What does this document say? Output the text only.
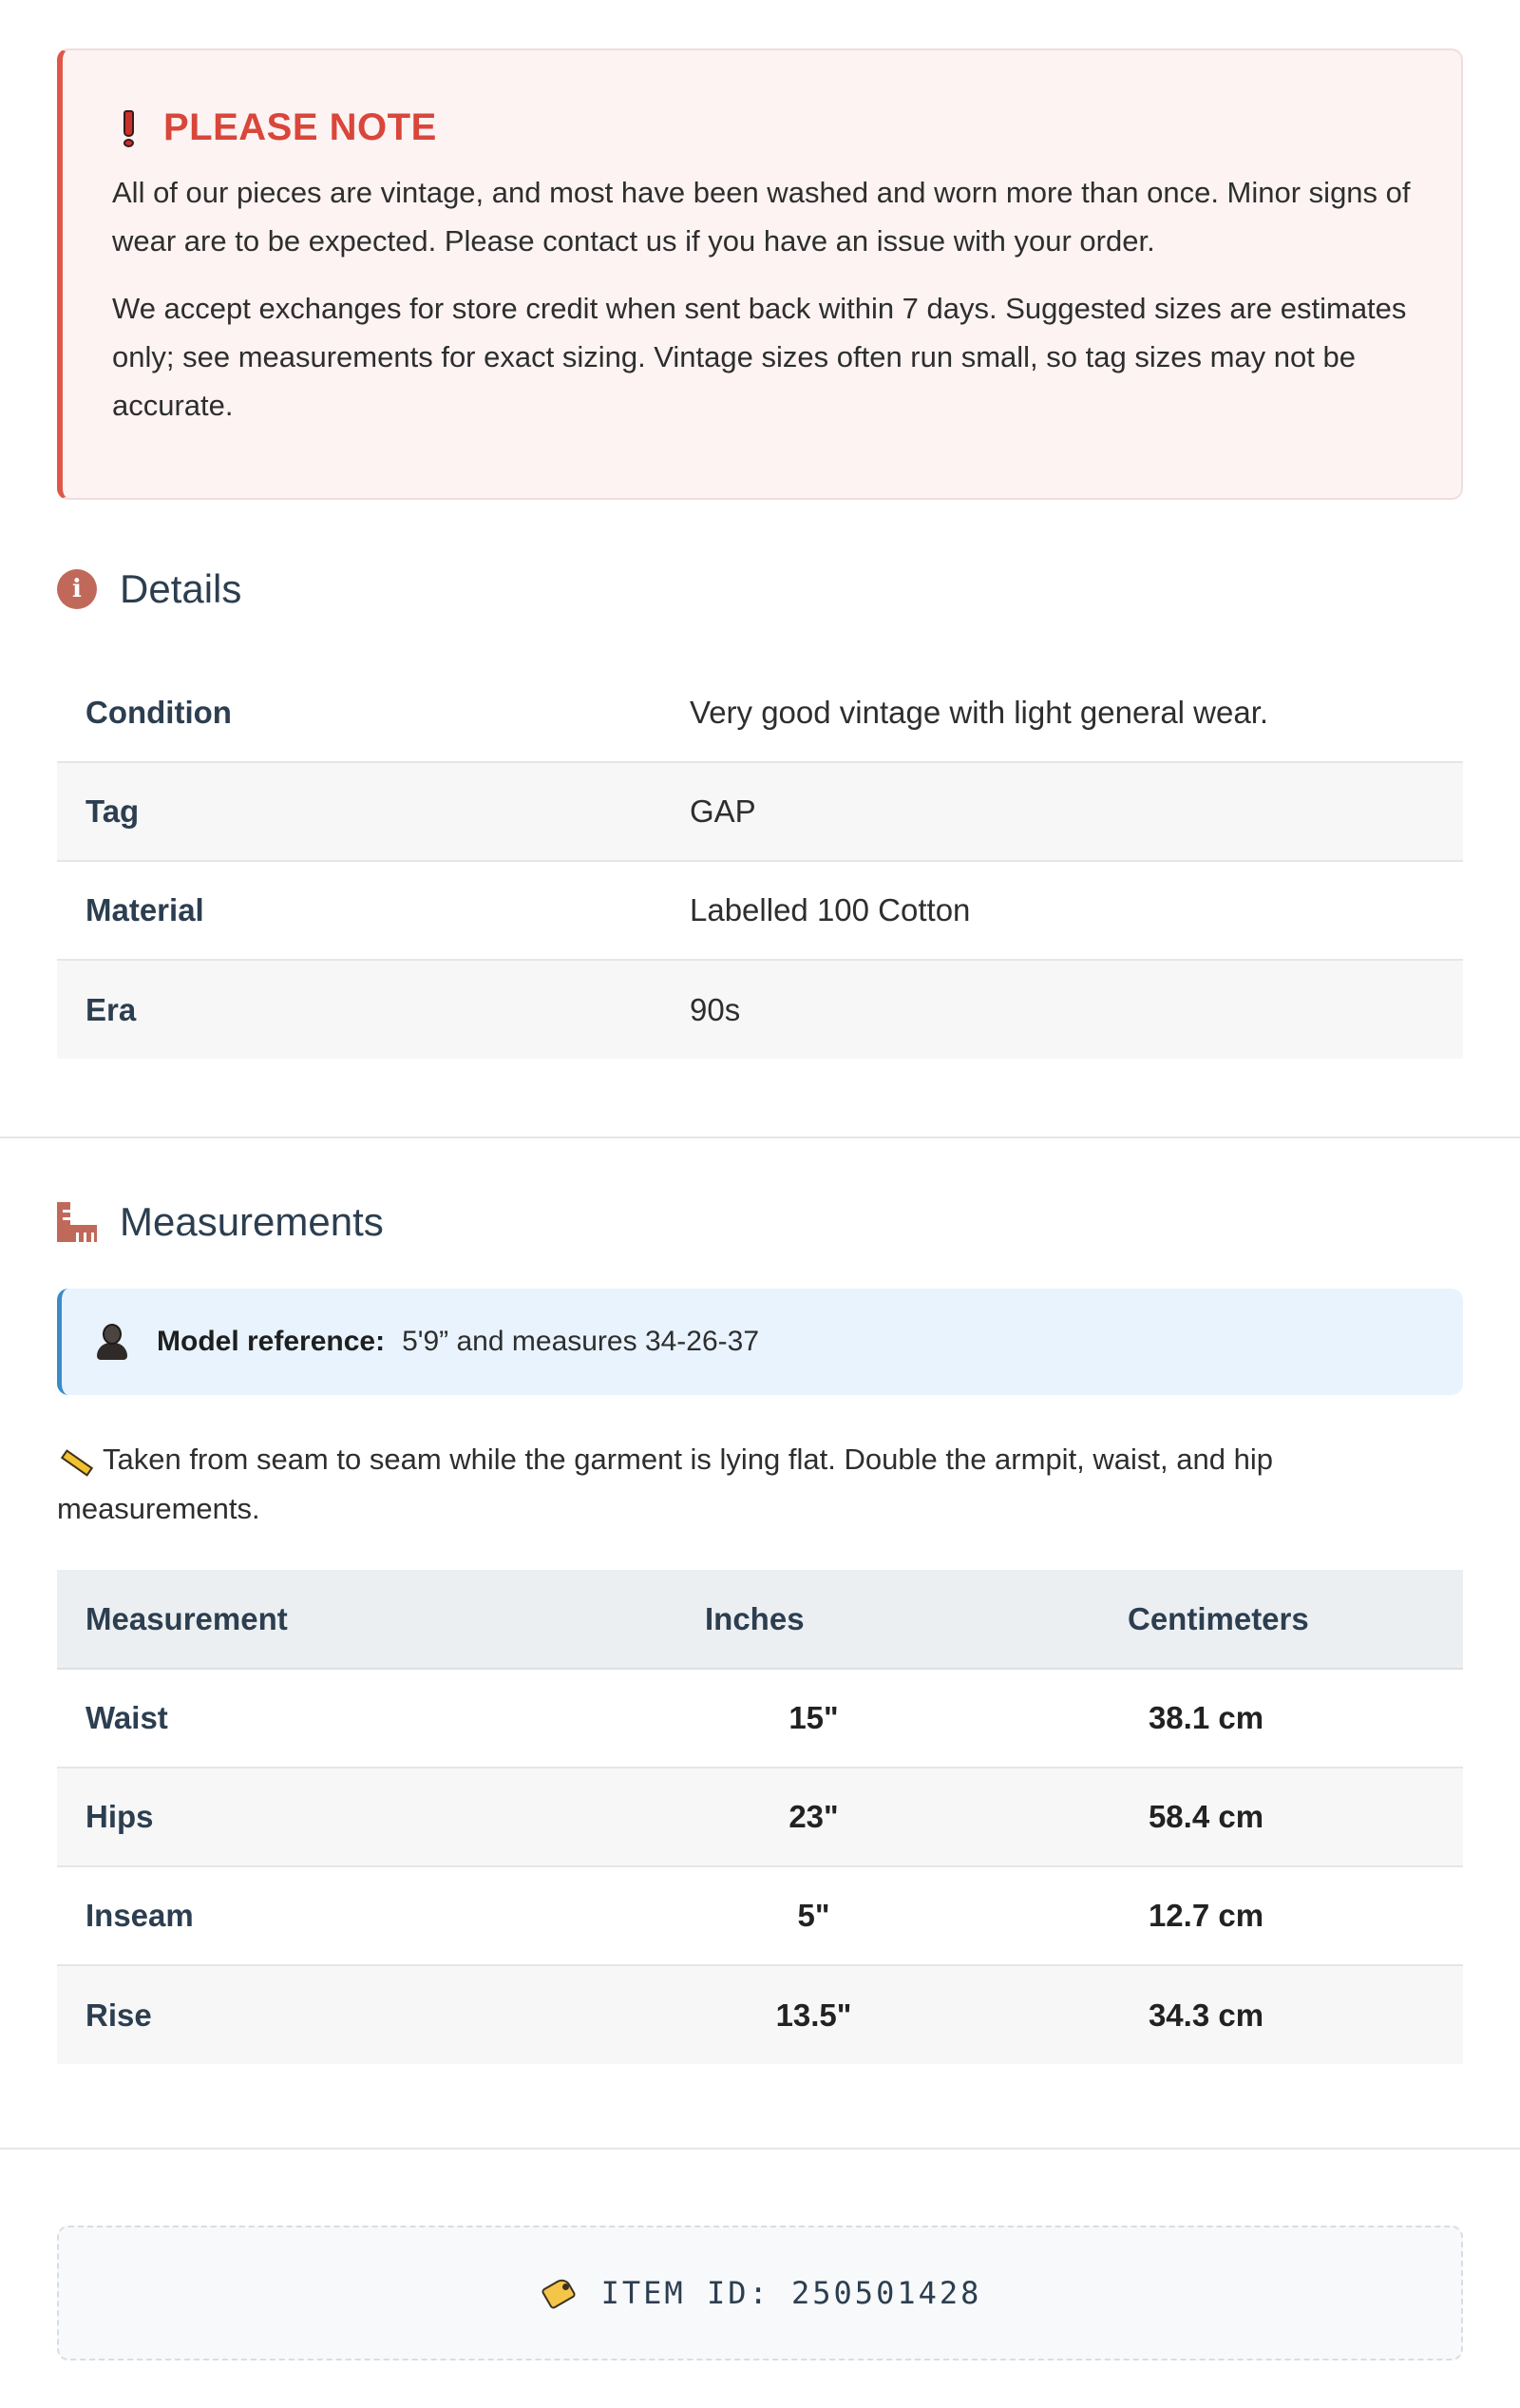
PLEASE NOTE

All of our pieces are vintage, and most have been washed and worn more than once. Minor signs of wear are to be expected. Please contact us if you have an issue with your order.

We accept exchanges for store credit when sent back within 7 days. Suggested sizes are estimates only; see measurements for exact sizing. Vintage sizes often run small, so tag sizes may not be accurate.

i Details
Condition	Very good vintage with light general wear.
Tag	GAP
Material	Labelled 100 Cotton
Era	90s
Measurements
Model reference: 5'9” and measures 34-26-37
Taken from seam to seam while the garment is lying flat. Double the armpit, waist, and hip measurements.
Measurement	Inches	Centimeters
Waist	15"	38.1 cm
Hips	23"	58.4 cm
Inseam	5"	12.7 cm
Rise	13.5"	34.3 cm
ITEM ID: 250501428
